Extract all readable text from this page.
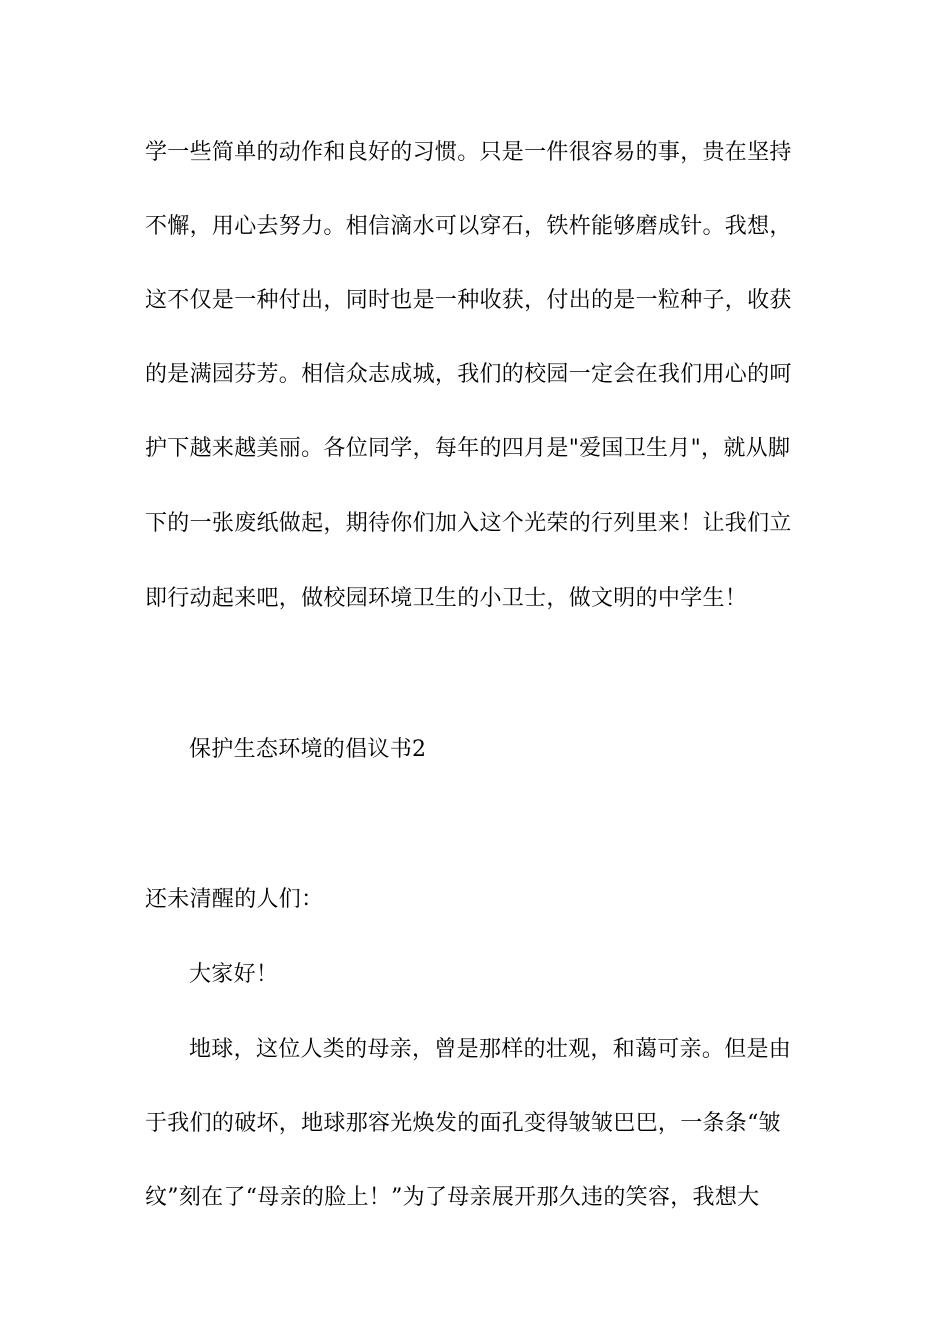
学一些简单的动作和良好的习惯。只是一件很容易的事，贵在坚持
不懈，用心去努力。相信滴水可以穿石，铁杵能够磨成针。我想，
这不仅是一种付出，同时也是一种收获，付出的是一粒种子，收获
的是满园芬芳。相信众志成城，我们的校园一定会在我们用心的呵
护下越来越美丽。各位同学，每年的四月是"爱国卫生月"，就从脚
下的一张废纸做起，期待你们加入这个光荣的行列里来！让我们立
即行动起来吧，做校园环境卫生的小卫士，做文明的中学生！
保护生态环境的倡议书2
还未清醒的人们：
大家好！
地球，这位人类的母亲，曾是那样的壮观，和蔼可亲。但是由
于我们的破坏，地球那容光焕发的面孔变得皱皱巴巴，一条条“皱
纹”刻在了“母亲的脸上！”为了母亲展开那久违的笑容，我想大
